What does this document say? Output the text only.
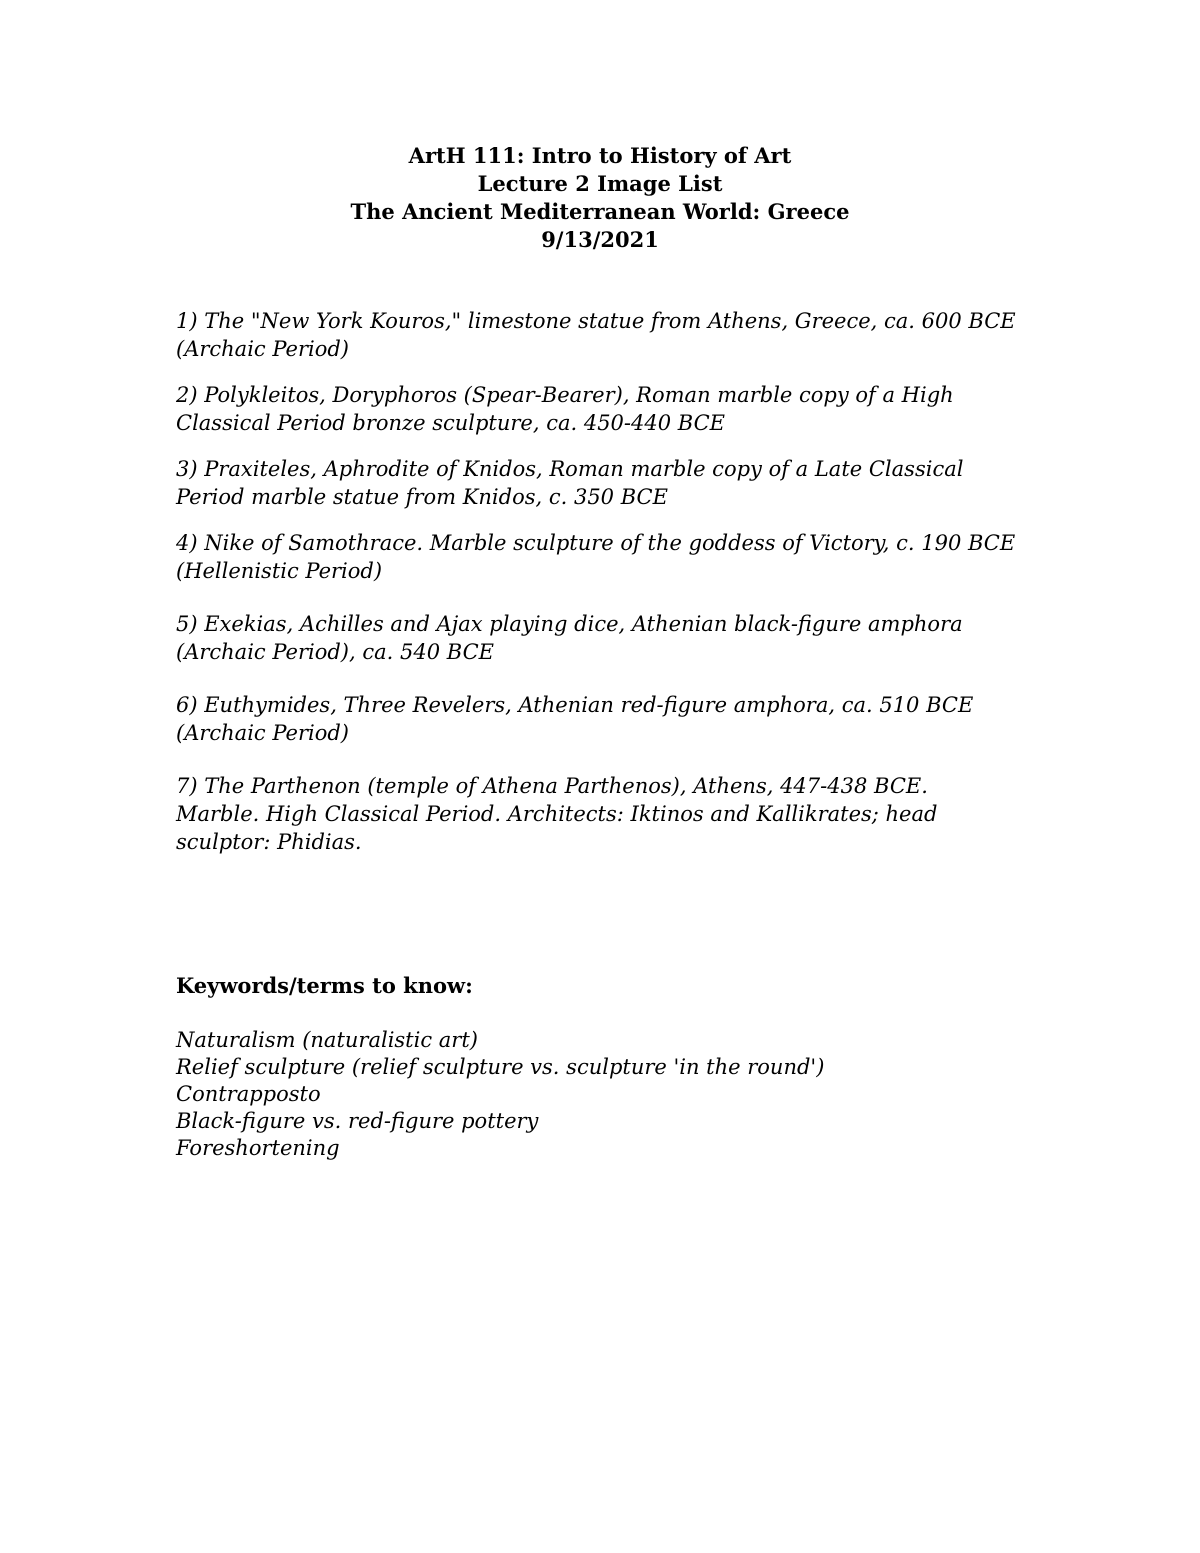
ArtH 111: Intro to History of Art
Lecture 2 Image List
The Ancient Mediterranean World: Greece
9/13/2021
1) The "New York Kouros," limestone statue from Athens, Greece, ca. 600 BCE (Archaic Period)
2) Polykleitos, Doryphoros (Spear-Bearer), Roman marble copy of a High Classical Period bronze sculpture, ca. 450-440 BCE
3) Praxiteles, Aphrodite of Knidos, Roman marble copy of a Late Classical Period marble statue from Knidos, c. 350 BCE
4) Nike of Samothrace. Marble sculpture of the goddess of Victory, c. 190 BCE (Hellenistic Period)
5) Exekias, Achilles and Ajax playing dice, Athenian black-figure amphora (Archaic Period), ca. 540 BCE
6) Euthymides, Three Revelers, Athenian red-figure amphora, ca. 510 BCE (Archaic Period)
7) The Parthenon (temple of Athena Parthenos), Athens, 447-438 BCE. Marble. High Classical Period. Architects: Iktinos and Kallikrates; head sculptor: Phidias.
Keywords/terms to know:
Naturalism (naturalistic art)
Relief sculpture (relief sculpture vs. sculpture 'in the round')
Contrapposto
Black-figure vs. red-figure pottery
Foreshortening
